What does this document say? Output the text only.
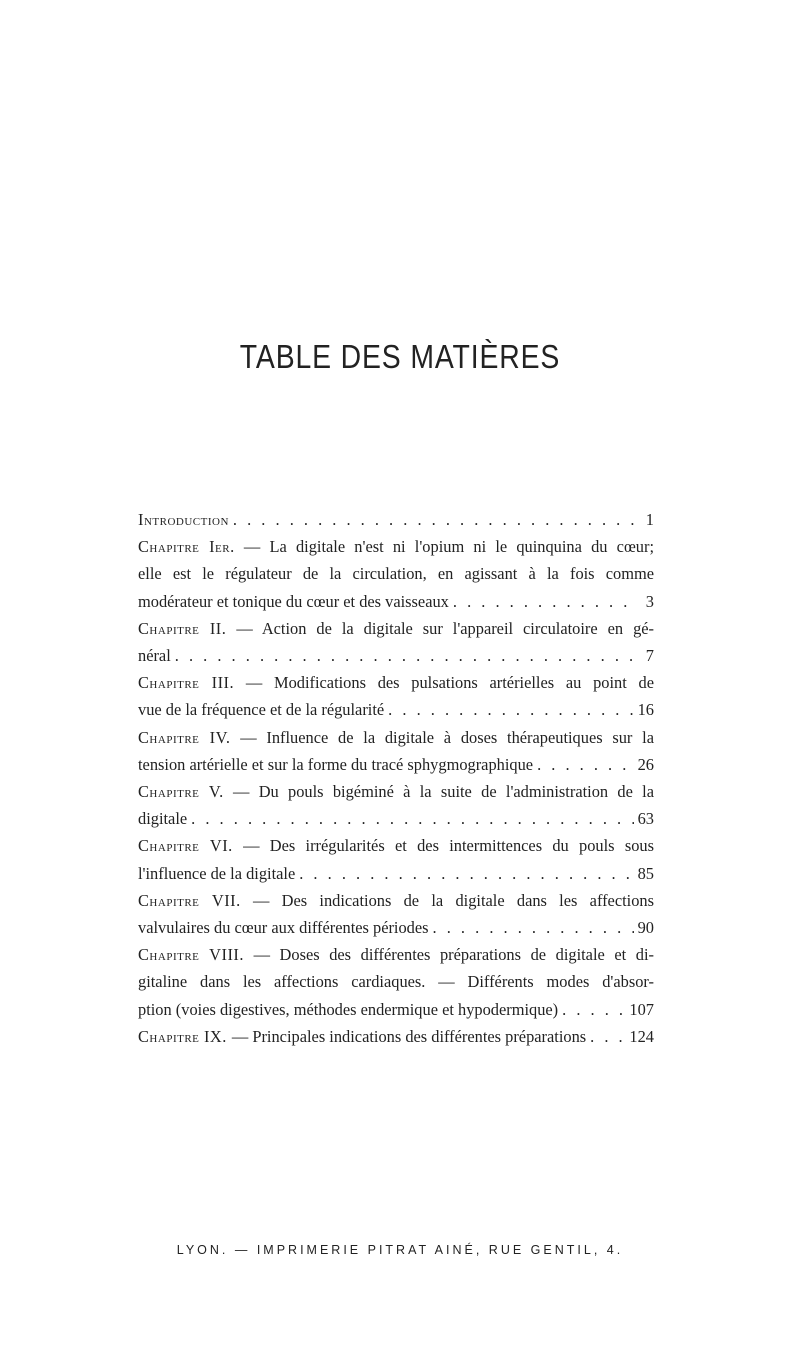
TABLE DES MATIÈRES
Introduction . . .	1
Chapitre Ier. — La digitale n'est ni l'opium ni le quinquina du cœur;
elle est le régulateur de la circulation, en agissant à la fois comme
modérateur et tonique du cœur et des vaisseaux . . .	3
Chapitre II. — Action de la digitale sur l'appareil circulatoire en gé-
néral . . .	7
Chapitre III. — Modifications des pulsations artérielles au point de
vue de la fréquence et de la régularité . . .	16
Chapitre IV. — Influence de la digitale à doses thérapeutiques sur la
tension artérielle et sur la forme du tracé sphygmographique . . .	26
Chapitre V. — Du pouls bigéminé à la suite de l'administration de la
digitale . . .	63
Chapitre VI. — Des irrégularités et des intermittences du pouls sous
l'influence de la digitale . . .	85
Chapitre VII. — Des indications de la digitale dans les affections
valvulaires du cœur aux différentes périodes . . .	90
Chapitre VIII. — Doses des différentes préparations de digitale et di-
gitaline dans les affections cardiaques. — Différents modes d'absor-
ption (voies digestives, méthodes endermique et hypodermique) . . .	107
Chapitre IX. — Principales indications des différentes préparations . . .	124

LYON. — IMPRIMERIE PITRAT AINÉ, RUE GENTIL, 4.
